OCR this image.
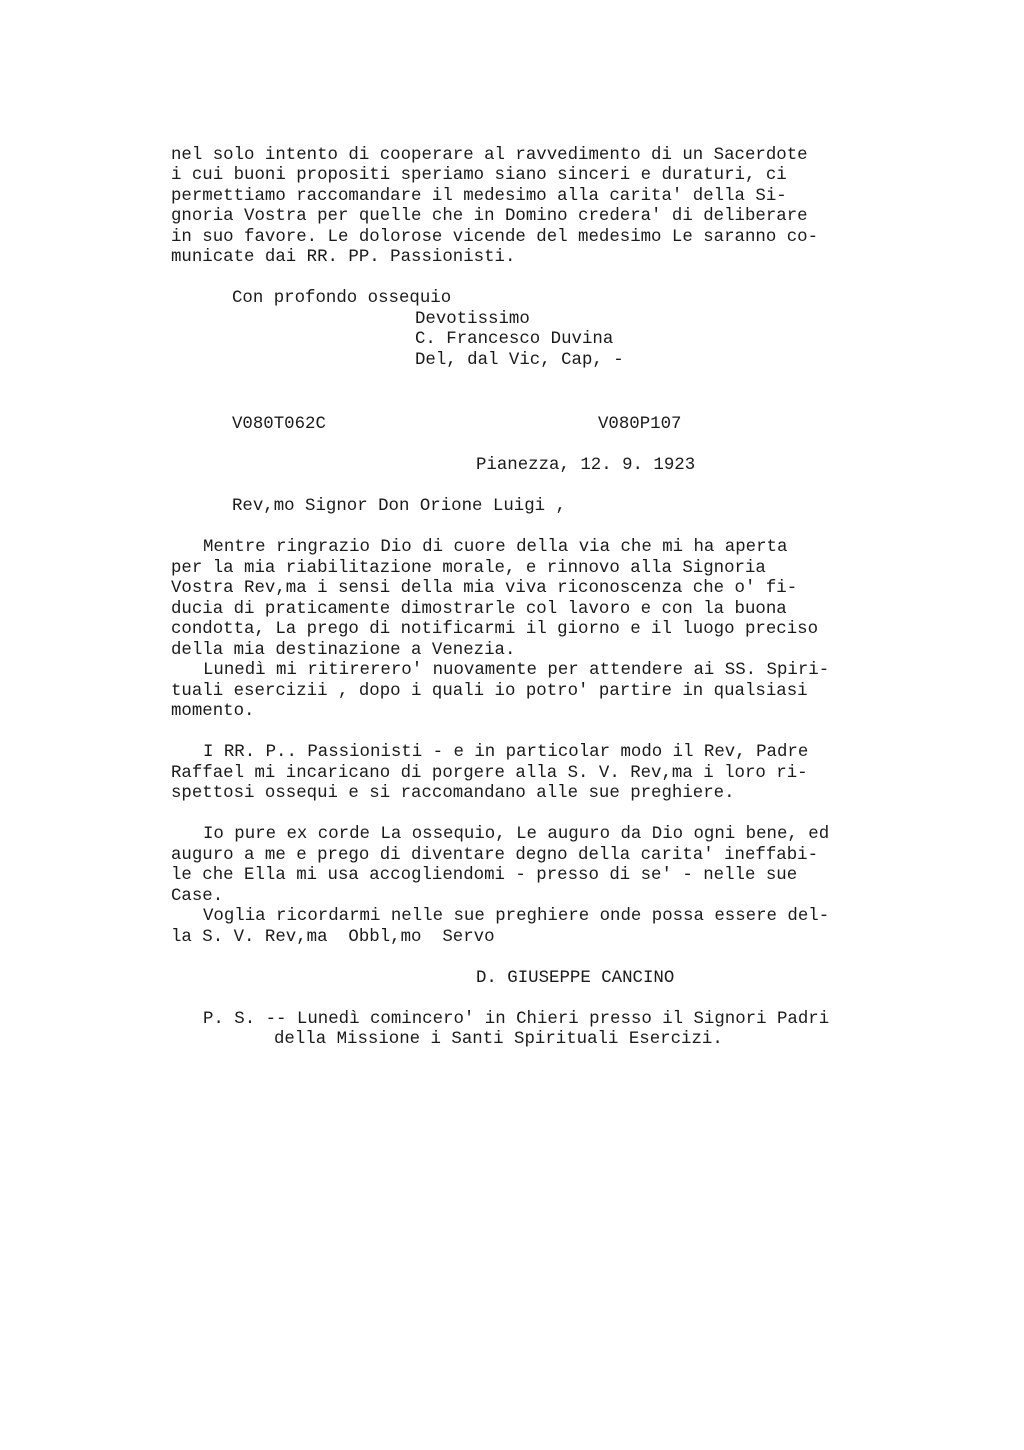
nel solo intento di cooperare al ravvedimento di un Sacerdote
i cui buoni propositi speriamo siano sinceri e duraturi, ci
permettiamo raccomandare il medesimo alla carita' della Si-
gnoria Vostra per quelle che in Domino credera' di deliberare
in suo favore. Le dolorose vicende del medesimo Le saranno co-
municate dai RR. PP. Passionisti.
Con profondo ossequio
Devotissimo
C. Francesco Duvina
Del, dal Vic, Cap, -
V080T062C	V080P107
Pianezza, 12. 9. 1923
Rev,mo Signor Don Orione Luigi ,
Mentre ringrazio Dio di cuore della via che mi ha aperta
per la mia riabilitazione morale, e rinnovo alla Signoria
Vostra Rev,ma i sensi della mia viva riconoscenza che o' fi-
ducia di praticamente dimostrarle col lavoro e con la buona
condotta, La prego di notificarmi il giorno e il luogo preciso
della mia destinazione a Venezia.
Lunedì mi ritirerero' nuovamente per attendere ai SS. Spiri-
tuali esercizii , dopo i quali io potro' partire in qualsiasi
momento.
I RR. P.. Passionisti - e in particolar modo il Rev, Padre
Raffael mi incaricano di porgere alla S. V. Rev,ma i loro ri-
spettosi ossequi e si raccomandano alle sue preghiere.
Io pure ex corde La ossequio, Le auguro da Dio ogni bene, ed
auguro a me e prego di diventare degno della carita' ineffabi-
le che Ella mi usa accogliendomi - presso di se' - nelle sue
Case.
Voglia ricordarmi nelle sue preghiere onde possa essere del-
la S. V. Rev,ma  Obbl,mo  Servo
D. GIUSEPPE CANCINO
P. S. -- Lunedì comincero' in Chieri presso il Signori Padri
della Missione i Santi Spirituali Esercizi.
